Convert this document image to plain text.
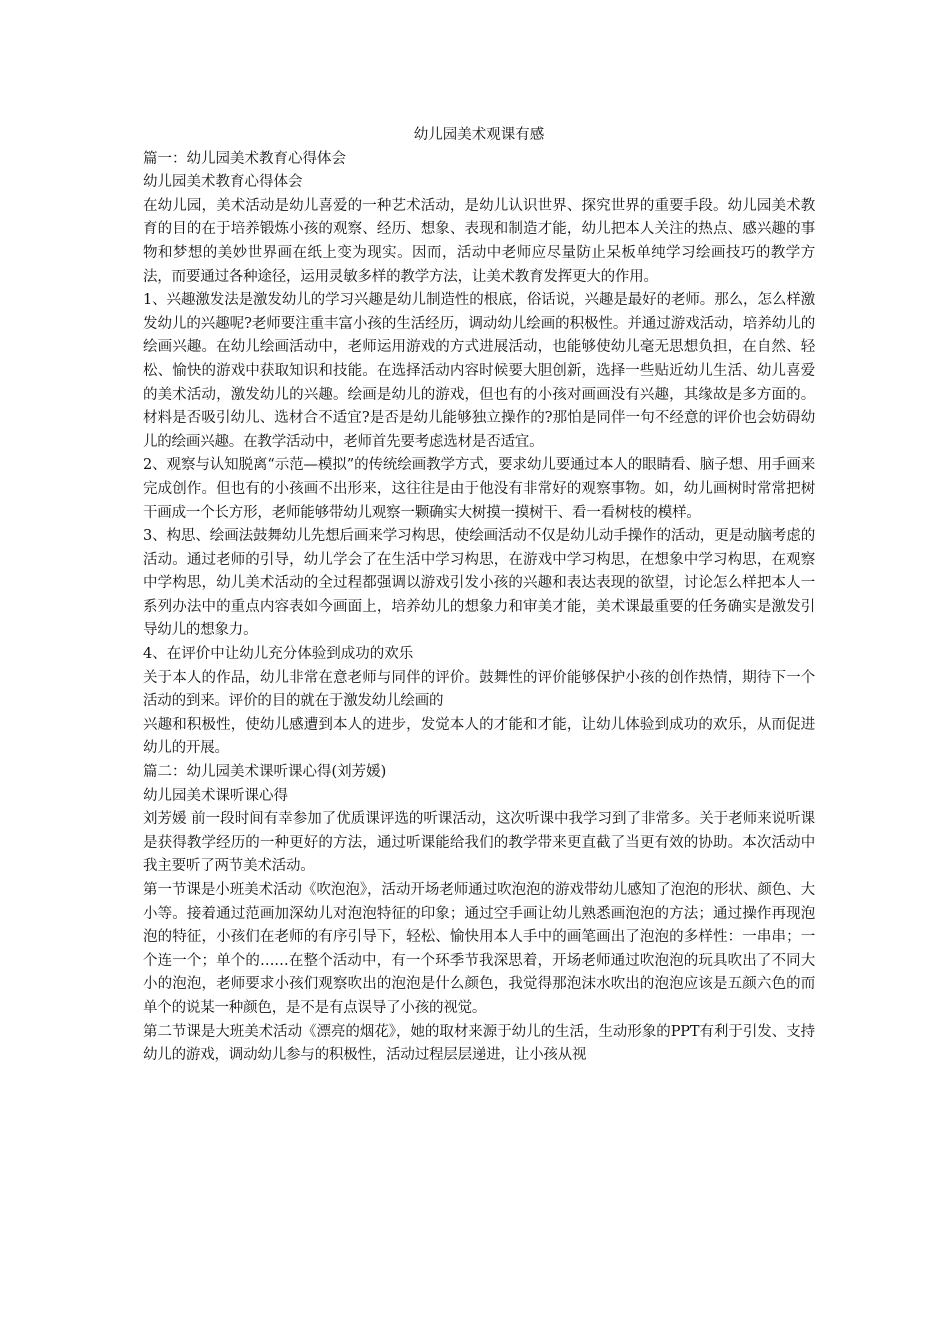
幼儿园美术观课有感

篇一：幼儿园美术教育心得体会

幼儿园美术教育心得体会

在幼儿园，美术活动是幼儿喜爱的一种艺术活动，是幼儿认识世界、探究世界的重要手段。幼儿园美术教育的目的在于培养锻炼小孩的观察、经历、想象、表现和制造才能，幼儿把本人关注的热点、感兴趣的事物和梦想的美妙世界画在纸上变为现实。因而，活动中老师应尽量防止呆板单纯学习绘画技巧的教学方法，而要通过各种途径，运用灵敏多样的教学方法，让美术教育发挥更大的作用。

1、兴趣激发法是激发幼儿的学习兴趣是幼儿制造性的根底，俗话说，兴趣是最好的老师。那么，怎么样激发幼儿的兴趣呢?老师要注重丰富小孩的生活经历，调动幼儿绘画的积极性。并通过游戏活动，培养幼儿的绘画兴趣。在幼儿绘画活动中，老师运用游戏的方式进展活动，也能够使幼儿毫无思想负担，在自然、轻松、愉快的游戏中获取知识和技能。在选择活动内容时候要大胆创新，选择一些贴近幼儿生活、幼儿喜爱的美术活动，激发幼儿的兴趣。绘画是幼儿的游戏，但也有的小孩对画画没有兴趣，其缘故是多方面的。材料是否吸引幼儿、选材合不适宜?是否是幼儿能够独立操作的?那怕是同伴一句不经意的评价也会妨碍幼儿的绘画兴趣。在教学活动中，老师首先要考虑选材是否适宜。

2、观察与认知脱离“示范—模拟”的传统绘画教学方式，要求幼儿要通过本人的眼睛看、脑子想、用手画来完成创作。但也有的小孩画不出形来，这往往是由于他没有非常好的观察事物。如，幼儿画树时常常把树干画成一个长方形，老师能够带幼儿观察一颗确实大树摸一摸树干、看一看树枝的模样。

3、构思、绘画法鼓舞幼儿先想后画来学习构思，使绘画活动不仅是幼儿动手操作的活动，更是动脑考虑的活动。通过老师的引导，幼儿学会了在生活中学习构思，在游戏中学习构思，在想象中学习构思，在观察中学构思，幼儿美术活动的全过程都强调以游戏引发小孩的兴趣和表达表现的欲望，讨论怎么样把本人一系列办法中的重点内容表如今画面上，培养幼儿的想象力和审美才能，美术课最重要的任务确实是激发引导幼儿的想象力。

4、在评价中让幼儿充分体验到成功的欢乐

关于本人的作品，幼儿非常在意老师与同伴的评价。鼓舞性的评价能够保护小孩的创作热情，期待下一个活动的到来。评价的目的就在于激发幼儿绘画的

兴趣和积极性，使幼儿感遭到本人的进步，发觉本人的才能和才能，让幼儿体验到成功的欢乐，从而促进幼儿的开展。

篇二：幼儿园美术课听课心得(刘芳媛)

幼儿园美术课听课心得

刘芳媛 前一段时间有幸参加了优质课评选的听课活动，这次听课中我学习到了非常多。关于老师来说听课是获得教学经历的一种更好的方法，通过听课能给我们的教学带来更直截了当更有效的协助。本次活动中我主要听了两节美术活动。

第一节课是小班美术活动《吹泡泡》，活动开场老师通过吹泡泡的游戏带幼儿感知了泡泡的形状、颜色、大小等。接着通过范画加深幼儿对泡泡特征的印象；通过空手画让幼儿熟悉画泡泡的方法；通过操作再现泡泡的特征，小孩们在老师的有序引导下，轻松、愉快用本人手中的画笔画出了泡泡的多样性：一串串；一个连一个；单个的……在整个活动中，有一个环季节我深思着，开场老师通过吹泡泡的玩具吹出了不同大小的泡泡，老师要求小孩们观察吹出的泡泡是什么颜色，我觉得那泡沫水吹出的泡泡应该是五颜六色的而单个的说某一种颜色，是不是有点误导了小孩的视觉。

第二节课是大班美术活动《漂亮的烟花》，她的取材来源于幼儿的生活，生动形象的PPT有利于引发、支持幼儿的游戏，调动幼儿参与的积极性，活动过程层层递进，让小孩从视
